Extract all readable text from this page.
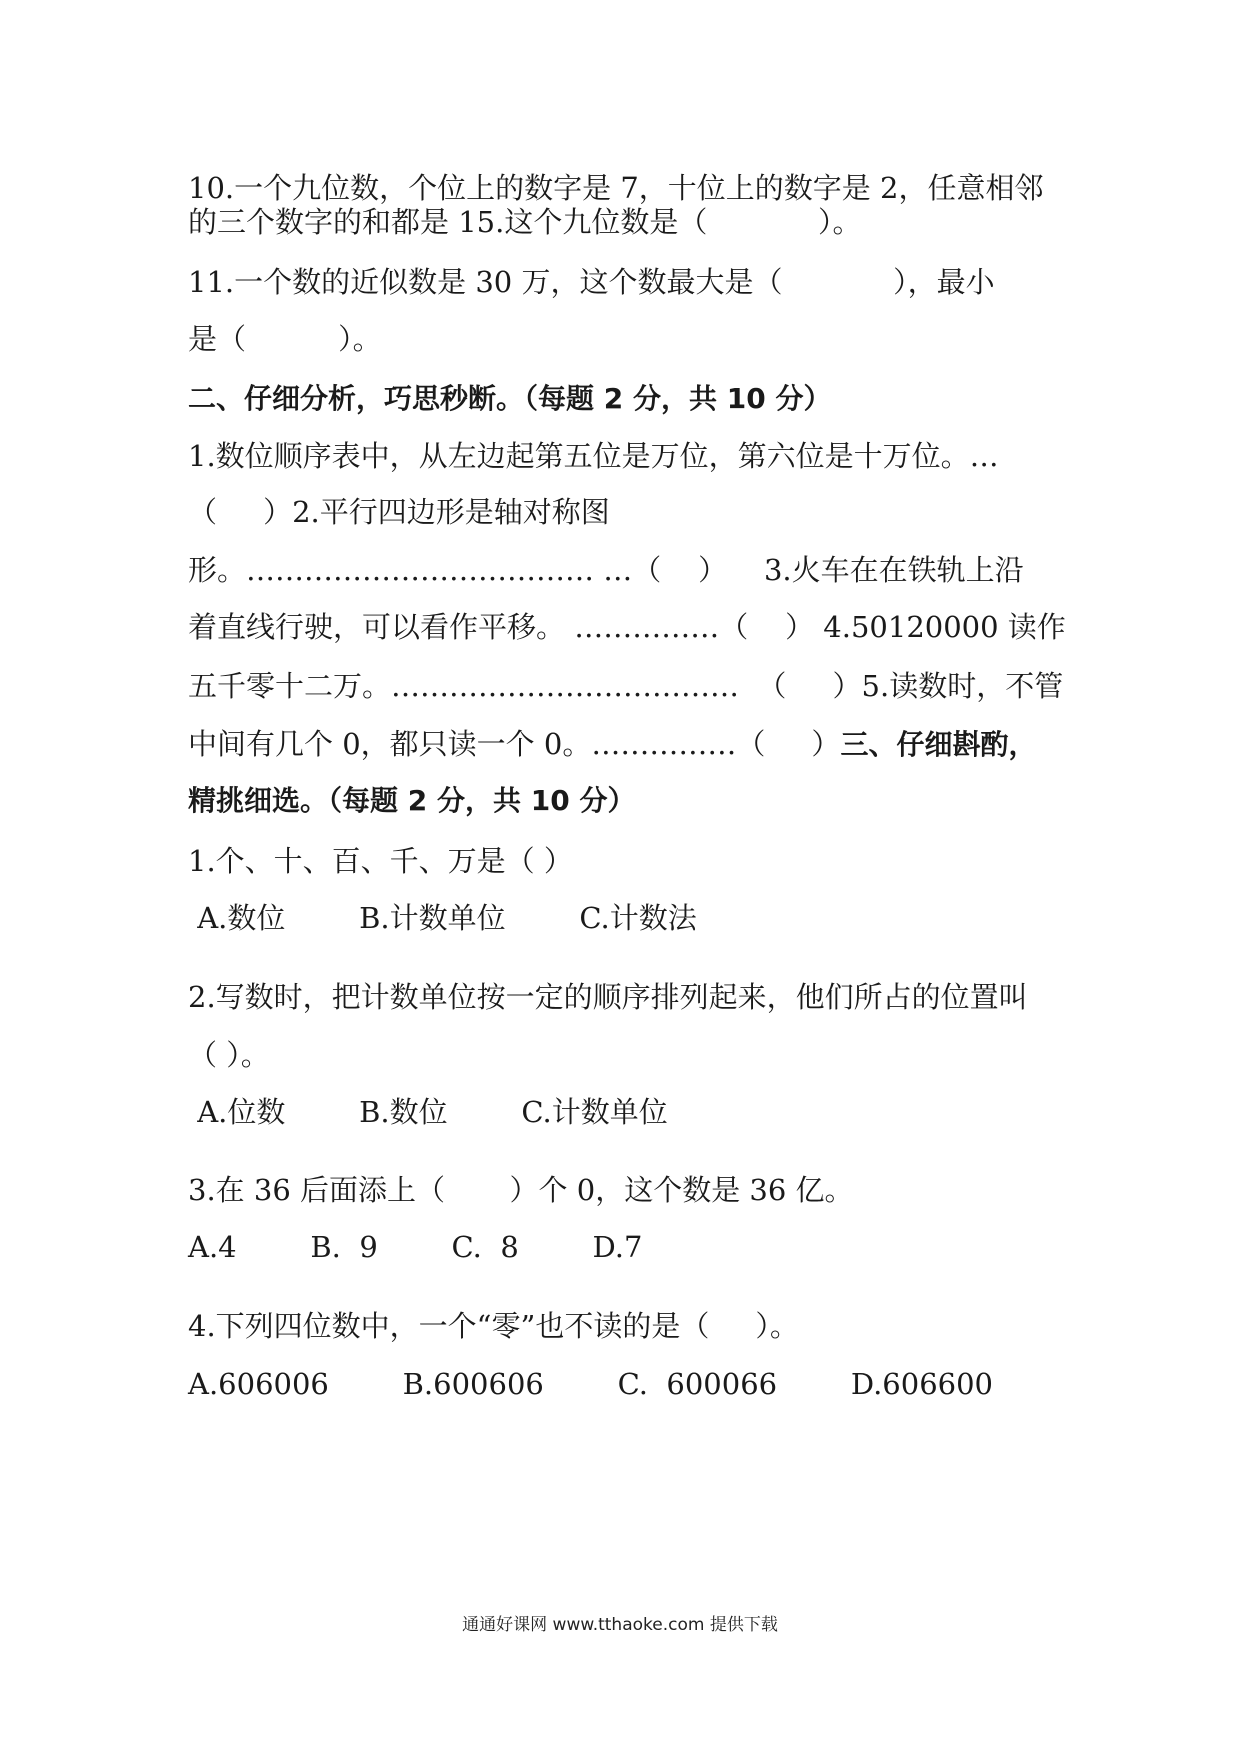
10.一个九位数，个位上的数字是 7，十位上的数字是 2，任意相邻
的三个数字的和都是 15.这个九位数是（            ）。
11.一个数的近似数是 30 万，这个数最大是（            ），最小
是（          ）。
二、仔细分析，巧思秒断。（每题 2 分，共 10 分）
1.数位顺序表中，从左边起第五位是万位，第六位是十万位。…
（     ）2.平行四边形是轴对称图
形。……………………………… …（    ）    3.火车在在铁轨上沿
着直线行驶，可以看作平移。 ……………（    ） 4.50120000 读作
五千零十二万。………………………………  （     ）5.读数时，不管
中间有几个 0，都只读一个 0。……………（     ）三、仔细斟酌，
精挑细选。（每题 2 分，共 10 分）
1.个、十、百、千、万是（ ）
A.数位        B.计数单位        C.计数法
2.写数时，把计数单位按一定的顺序排列起来，他们所占的位置叫
（ ）。
A.位数        B.数位        C.计数单位
3.在 36 后面添上（       ）个 0，这个数是 36 亿。
A.4        B.  9        C.  8        D.7
4.下列四位数中，一个“零”也不读的是（     ）。
A.606006        B.600606        C.  600066        D.606600
通通好课网 www.tthaoke.com 提供下载
